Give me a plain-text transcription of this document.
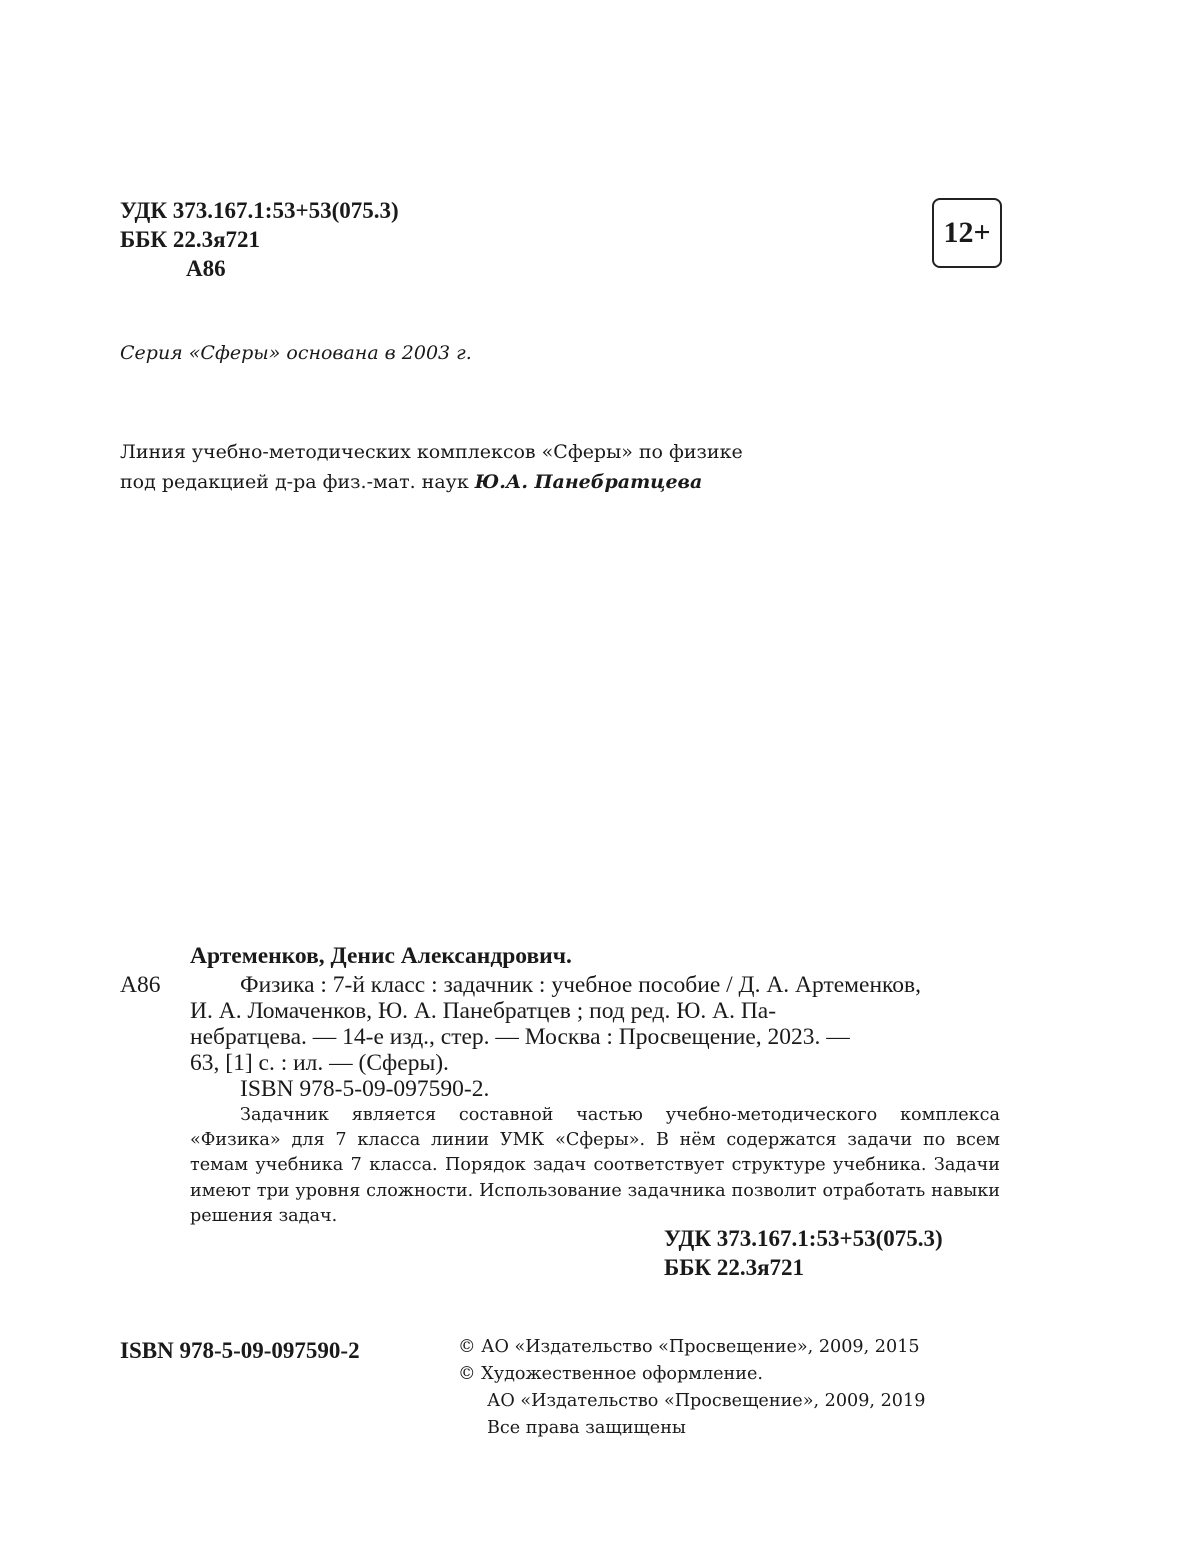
УДК 373.167.1:53+53(075.3)

ББК 22.3я721

А86

12+

Серия «Сферы» основана в 2003 г.

Линия учебно-методических комплексов «Сферы» по физике

под редакцией д-ра физ.-мат. наук Ю.А. Панебратцева

Артеменков, Денис Александрович.

А86	Физика : 7-й класс : задачник : учебное пособие / Д. А. Артеменков,

И. А. Ломаченков, Ю. А. Панебратцев ; под ред. Ю. А. Па-

небратцева. — 14-е изд., стер. — Москва : Просвещение, 2023. —

63, [1] с. : ил. — (Сферы).

ISBN 978-5-09-097590-2.

Задачник является составной частью учебно-методического комплекса «Физика» для 7 класса линии УМК «Сферы». В нём содержатся задачи по всем темам учебника 7 класса. Порядок задач соответствует структуре учебника. Задачи имеют три уровня сложности. Использование задачника позволит отработать навыки решения задач.

УДК 373.167.1:53+53(075.3)

ББК 22.3я721

ISBN 978-5-09-097590-2	© АО «Издательство «Просвещение», 2009, 2015

© Художественное оформление.

АО «Издательство «Просвещение», 2009, 2019

Все права защищены
